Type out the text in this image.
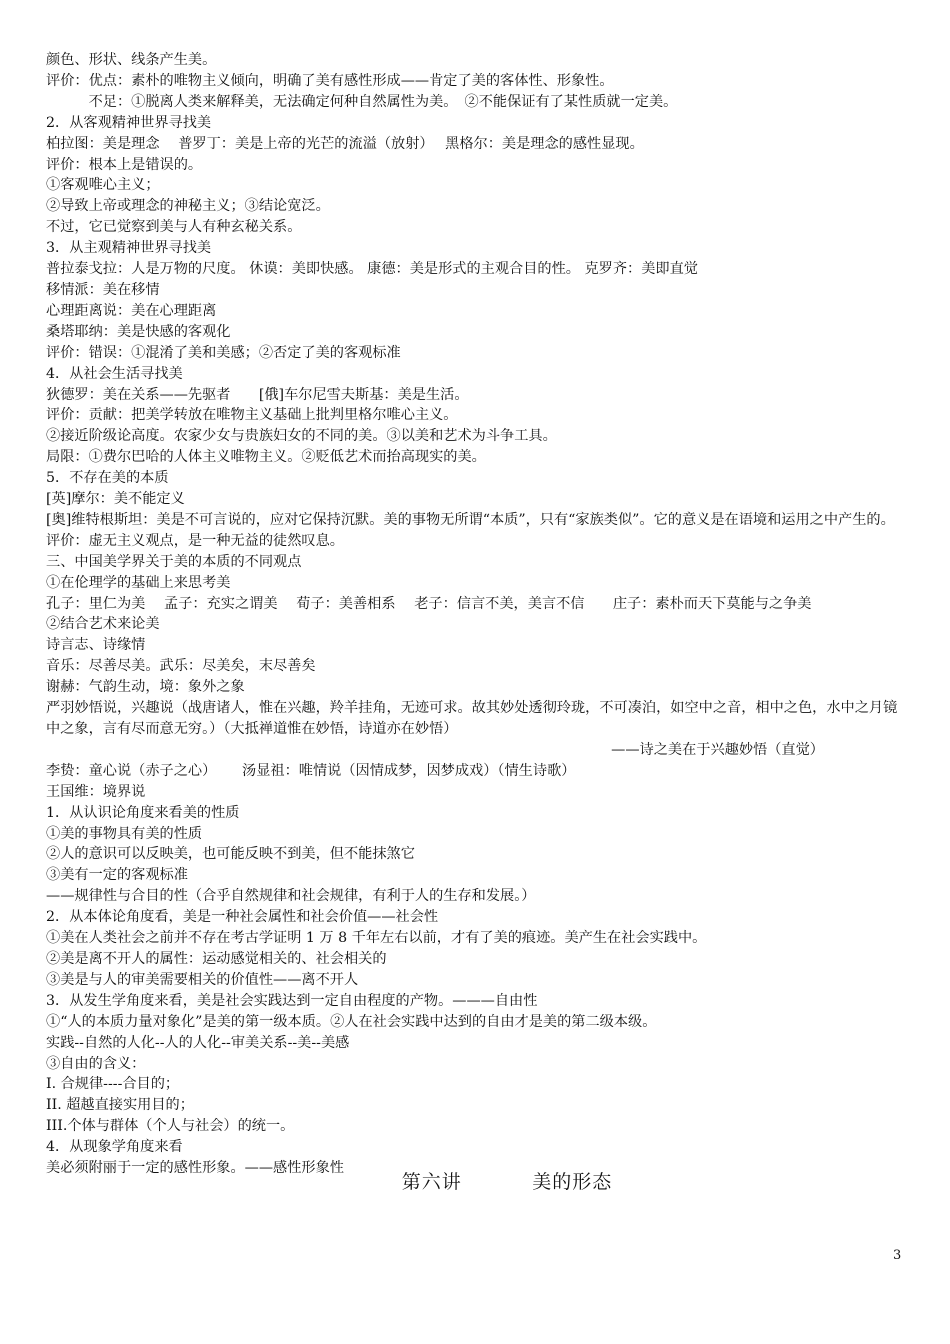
颜色、形状、线条产生美。
评价：优点：素朴的唯物主义倾向，明确了美有感性形成——肯定了美的客体性、形象性。
　　　不足：①脱离人类来解释美，无法确定何种自然属性为美。　②不能保证有了某性质就一定美。
2．从客观精神世界寻找美
柏拉图：美是理念　 普罗丁：美是上帝的光芒的流溢（放射）　 黑格尔：美是理念的感性显现。
评价：根本上是错误的。
①客观唯心主义；
②导致上帝或理念的神秘主义；③结论宽泛。
不过，它已觉察到美与人有种玄秘关系。
3．从主观精神世界寻找美
普拉泰戈拉：人是万物的尺度。 休谟：美即快感。 康德：美是形式的主观合目的性。 克罗齐：美即直觉
移情派：美在移情
心理距离说：美在心理距离
桑塔耶纳：美是快感的客观化
评价：错误：①混淆了美和美感；②否定了美的客观标准
4．从社会生活寻找美
狄德罗：美在关系——先驱者　　[俄]车尔尼雪夫斯基：美是生活。
评价：贡献：把美学转放在唯物主义基础上批判里格尔唯心主义。
②接近阶级论高度。农家少女与贵族妇女的不同的美。③以美和艺术为斗争工具。
局限：①费尔巴哈的人体主义唯物主义。②贬低艺术而抬高现实的美。
5．不存在美的本质
[英]摩尔：美不能定义
[奥]维特根斯坦：美是不可言说的，应对它保持沉默。美的事物无所谓“本质”，只有“家族类似”。它的意义是在语境和运用之中产生的。
评价：虚无主义观点，是一种无益的徒然叹息。
三、中国美学界关于美的本质的不同观点
①在伦理学的基础上来思考美
孔子：里仁为美　 孟子：充实之谓美　 荀子：美善相系　 老子：信言不美，美言不信　　庄子：素朴而天下莫能与之争美
②结合艺术来论美
诗言志、诗缘情
音乐：尽善尽美。武乐：尽美矣，末尽善矣
谢赫：气韵生动，境：象外之象
严羽妙悟说，兴趣说（战唐诸人，惟在兴趣，羚羊挂角，无迹可求。故其妙处透彻玲珑，不可凑泊，如空中之音，相中之色，水中之月镜中之象，言有尽而意无穷。）（大抵禅道惟在妙悟，诗道亦在妙悟）
——诗之美在于兴趣妙悟（直觉）
李贽：童心说（赤子之心）　　 汤显祖：唯情说（因情成梦，因梦成戏）（情生诗歌）
王国维：境界说
1．从认识论角度来看美的性质
①美的事物具有美的性质
②人的意识可以反映美，也可能反映不到美，但不能抹煞它
③美有一定的客观标准
——规律性与合目的性（合乎自然规律和社会规律，有利于人的生存和发展。）
2．从本体论角度看，美是一种社会属性和社会价值——社会性
①美在人类社会之前并不存在考古学证明 1 万 8 千年左右以前，才有了美的痕迹。美产生在社会实践中。
②美是离不开人的属性：运动感觉相关的、社会相关的
③美是与人的审美需要相关的价值性——离不开人
3．从发生学角度来看，美是社会实践达到一定自由程度的产物。———自由性
①“人的本质力量对象化”是美的第一级本质。②人在社会实践中达到的自由才是美的第二级本级。
实践--自然的人化--人的人化--审美关系--美--美感
③自由的含义：
I. 合规律----合目的；
II. 超越直接实用目的；
III.个体与群体（个人与社会）的统一。
4．从现象学角度来看
美必须附丽于一定的感性形象。——感性形象性
第六讲	美的形态
3
